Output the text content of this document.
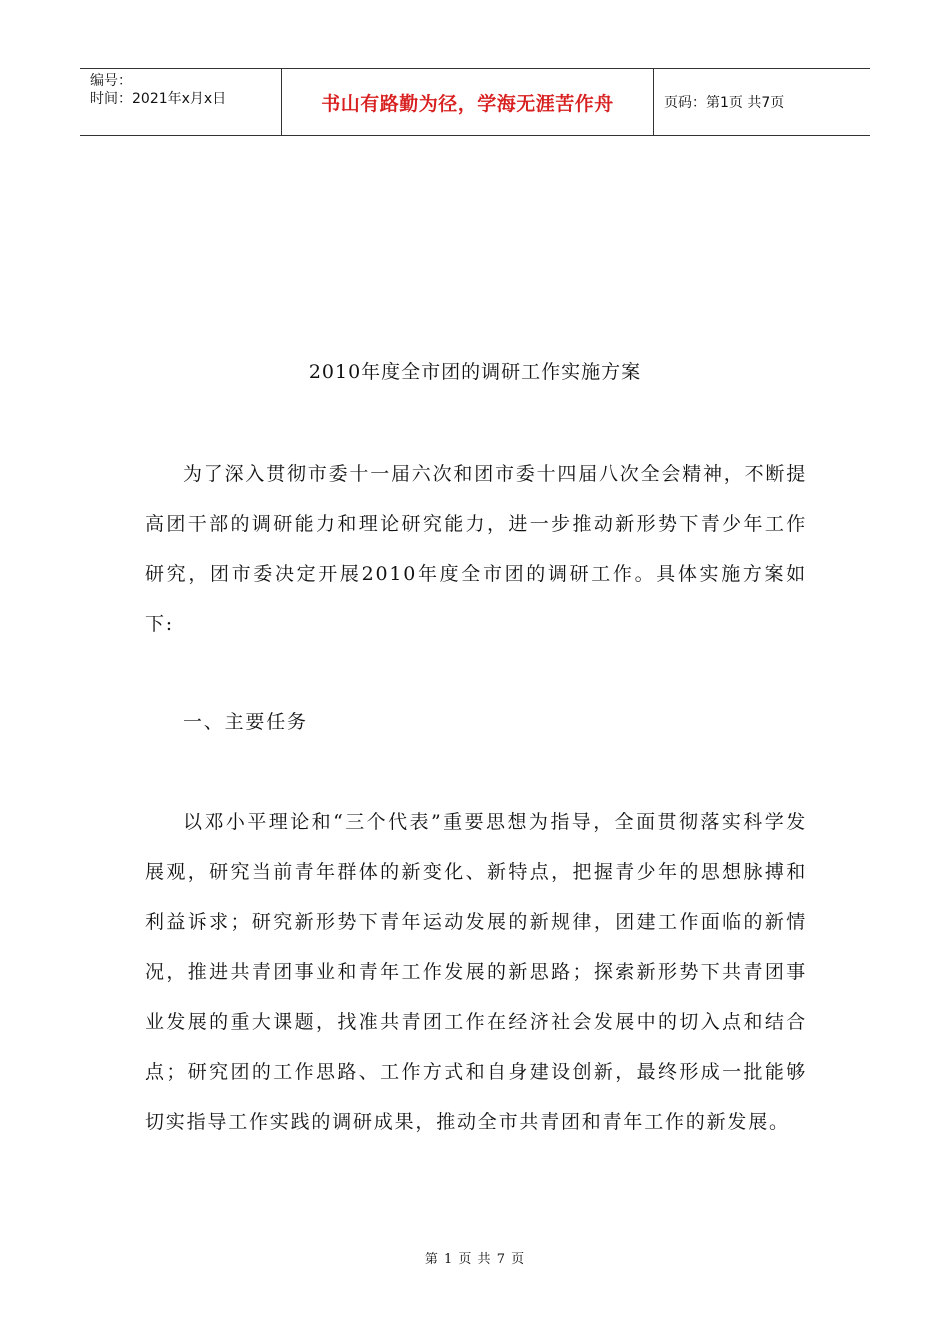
编号：
时间：2021年x月x日	书山有路勤为径，学海无涯苦作舟	页码：第1页 共7页
2010年度全市团的调研工作实施方案

为了深入贯彻市委十一届六次和团市委十四届八次全会精神，不断提高团干部的调研能力和理论研究能力，进一步推动新形势下青少年工作研究，团市委决定开展2010年度全市团的调研工作。具体实施方案如下:

一、主要任务

以邓小平理论和“三个代表”重要思想为指导，全面贯彻落实科学发展观，研究当前青年群体的新变化、新特点，把握青少年的思想脉搏和利益诉求；研究新形势下青年运动发展的新规律，团建工作面临的新情况，推进共青团事业和青年工作发展的新思路；探索新形势下共青团事业发展的重大课题，找准共青团工作在经济社会发展中的切入点和结合点；研究团的工作思路、工作方式和自身建设创新，最终形成一批能够切实指导工作实践的调研成果，推动全市共青团和青年工作的新发展。

第 1 页 共 7 页
